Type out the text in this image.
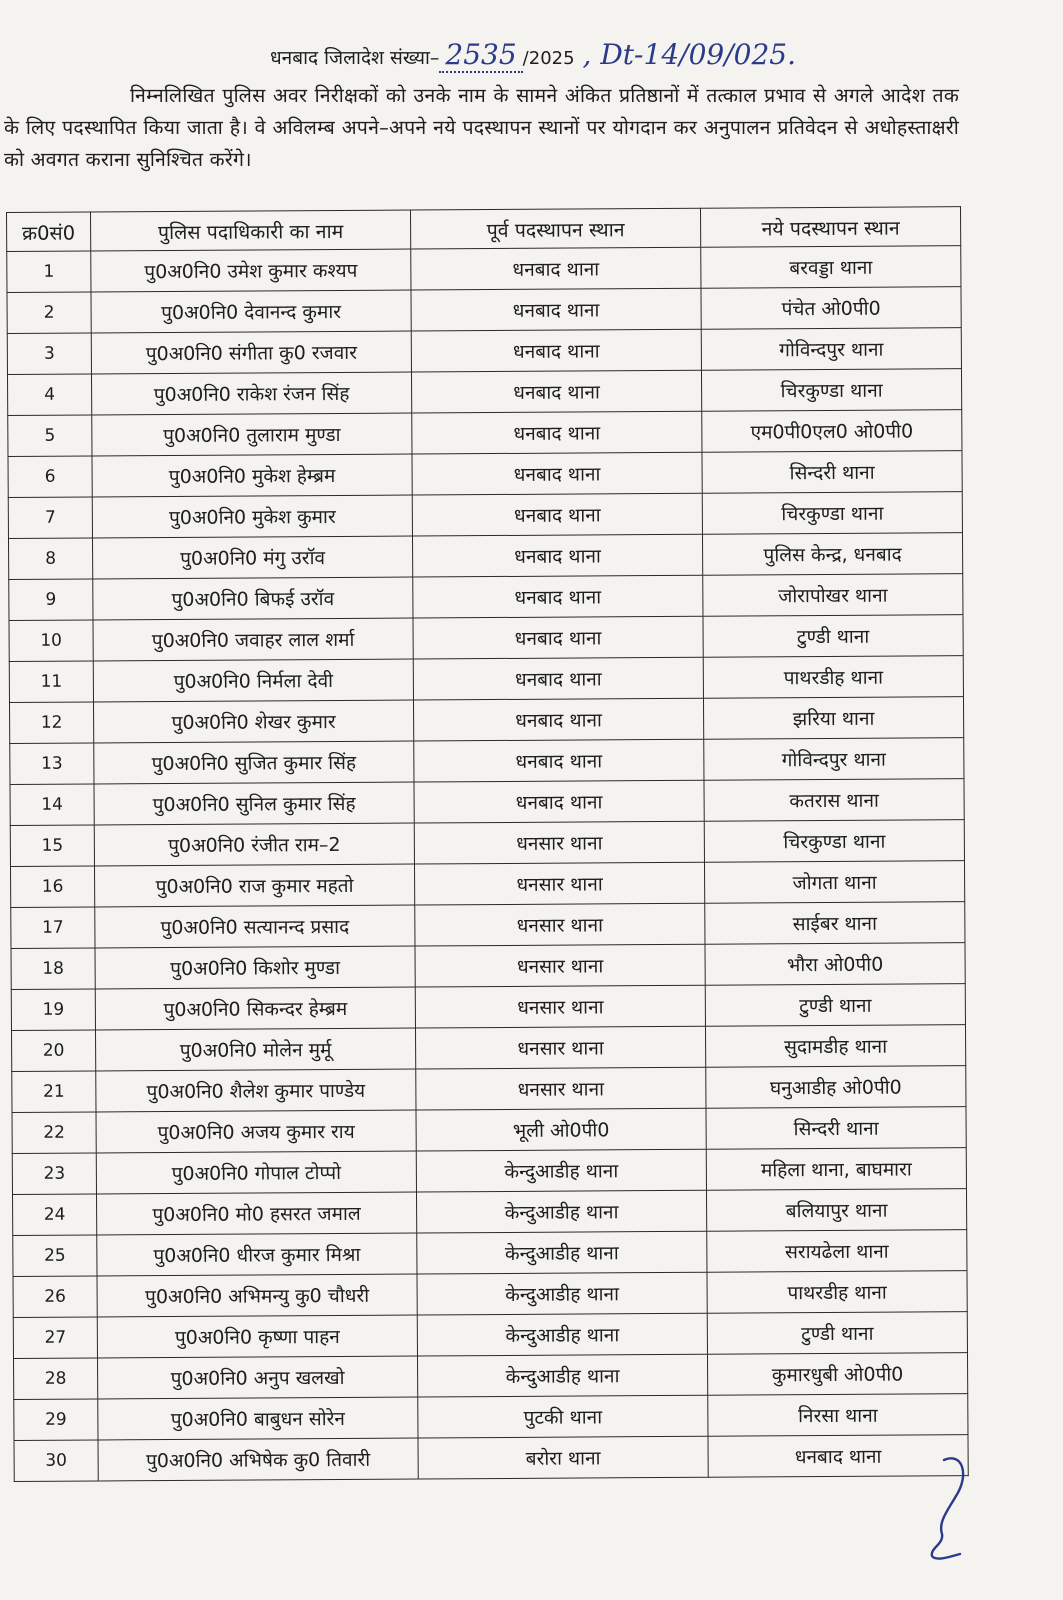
धनबाद जिलादेश संख्या– 2535 /2025 , Dt-14/09/025.
निम्नलिखित पुलिस अवर निरीक्षकों को उनके नाम के सामने अंकित प्रतिष्ठानों में तत्काल प्रभाव से अगले आदेश तक के लिए पदस्थापित किया जाता है। वे अविलम्ब अपने–अपने नये पदस्थापन स्थानों पर योगदान कर अनुपालन प्रतिवेदन से अधोहस्ताक्षरी को अवगत कराना सुनिश्चित करेंगे।
क्र0सं0	पुलिस पदाधिकारी का नाम	पूर्व पदस्थापन स्थान	नये पदस्थापन स्थान
1	पु0अ0नि0 उमेश कुमार कश्यप	धनबाद थाना	बरवड्डा थाना
2	पु0अ0नि0 देवानन्द कुमार	धनबाद थाना	पंचेत ओ0पी0
3	पु0अ0नि0 संगीता कु0 रजवार	धनबाद थाना	गोविन्दपुर थाना
4	पु0अ0नि0 राकेश रंजन सिंह	धनबाद थाना	चिरकुण्डा थाना
5	पु0अ0नि0 तुलाराम मुण्डा	धनबाद थाना	एम0पी0एल0 ओ0पी0
6	पु0अ0नि0 मुकेश हेम्ब्रम	धनबाद थाना	सिन्दरी थाना
7	पु0अ0नि0 मुकेश कुमार	धनबाद थाना	चिरकुण्डा थाना
8	पु0अ0नि0 मंगु उरॉव	धनबाद थाना	पुलिस केन्द्र, धनबाद
9	पु0अ0नि0 बिफई उरॉव	धनबाद थाना	जोरापोखर थाना
10	पु0अ0नि0 जवाहर लाल शर्मा	धनबाद थाना	टुण्डी थाना
11	पु0अ0नि0 निर्मला देवी	धनबाद थाना	पाथरडीह थाना
12	पु0अ0नि0 शेखर कुमार	धनबाद थाना	झरिया थाना
13	पु0अ0नि0 सुजित कुमार सिंह	धनबाद थाना	गोविन्दपुर थाना
14	पु0अ0नि0 सुनिल कुमार सिंह	धनबाद थाना	कतरास थाना
15	पु0अ0नि0 रंजीत राम–2	धनसार थाना	चिरकुण्डा थाना
16	पु0अ0नि0 राज कुमार महतो	धनसार थाना	जोगता थाना
17	पु0अ0नि0 सत्यानन्द प्रसाद	धनसार थाना	साईबर थाना
18	पु0अ0नि0 किशोर मुण्डा	धनसार थाना	भौरा ओ0पी0
19	पु0अ0नि0 सिकन्दर हेम्ब्रम	धनसार थाना	टुण्डी थाना
20	पु0अ0नि0 मोलेन मुर्मू	धनसार थाना	सुदामडीह थाना
21	पु0अ0नि0 शैलेश कुमार पाण्डेय	धनसार थाना	घनुआडीह ओ0पी0
22	पु0अ0नि0 अजय कुमार राय	भूली ओ0पी0	सिन्दरी थाना
23	पु0अ0नि0 गोपाल टोप्पो	केन्दुआडीह थाना	महिला थाना, बाघमारा
24	पु0अ0नि0 मो0 हसरत जमाल	केन्दुआडीह थाना	बलियापुर थाना
25	पु0अ0नि0 धीरज कुमार मिश्रा	केन्दुआडीह थाना	सरायढेला थाना
26	पु0अ0नि0 अभिमन्यु कु0 चौधरी	केन्दुआडीह थाना	पाथरडीह थाना
27	पु0अ0नि0 कृष्णा पाहन	केन्दुआडीह थाना	टुण्डी थाना
28	पु0अ0नि0 अनुप खलखो	केन्दुआडीह थाना	कुमारधुबी ओ0पी0
29	पु0अ0नि0 बाबुधन सोरेन	पुटकी थाना	निरसा थाना
30	पु0अ0नि0 अभिषेक कु0 तिवारी	बरोरा थाना	धनबाद थाना
